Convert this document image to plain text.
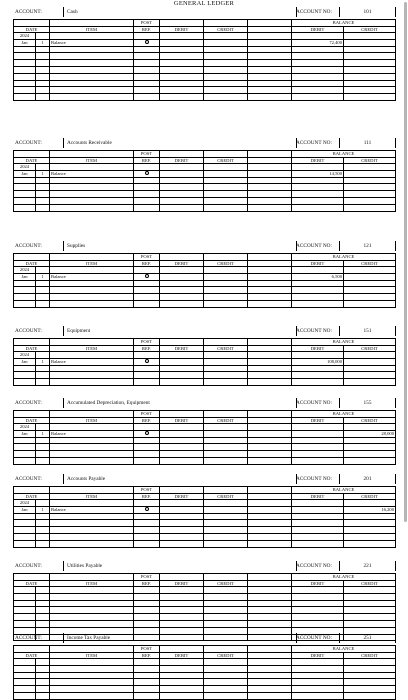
GENERAL LEDGER
ACCOUNT:	Cash	ACCOUNT NO:	101
			POST				BALANCE	
DATE		ITEM	REF.	DEBIT	CREDIT		DEBIT	CREDIT
2024								
Jan	1	Balance					72,400	

ACCOUNT:	Accounts Receivable	ACCOUNT NO:	111
			POST				BALANCE	
DATE		ITEM	REF.	DEBIT	CREDIT		DEBIT	CREDIT
2024								
Jan	1	Balance					14,500	

ACCOUNT:	Supplies	ACCOUNT NO:	121
			POST				BALANCE	
DATE		ITEM	REF.	DEBIT	CREDIT		DEBIT	CREDIT
2024								
Jan	1	Balance					6,500	

ACCOUNT:	Equipment	ACCOUNT NO:	151
			POST				BALANCE	
DATE		ITEM	REF.	DEBIT	CREDIT		DEBIT	CREDIT
2024								
Jan	1	Balance					108,000	

ACCOUNT:	Accumulated Depreciation, Equipment	ACCOUNT NO:	155
			POST				BALANCE	
DATE		ITEM	REF.	DEBIT	CREDIT		DEBIT	CREDIT
2024								
Jan	1	Balance						28,000

ACCOUNT:	Accounts Payable	ACCOUNT NO:	201
			POST				BALANCE	
DATE		ITEM	REF.	DEBIT	CREDIT		DEBIT	CREDIT
2024								
Jan	1	Balance						16,200

ACCOUNT:	Utilities Payable	ACCOUNT NO:	221
			POST				BALANCE	
DATE		ITEM	REF.	DEBIT	CREDIT		DEBIT	CREDIT

ACCOUNT:	Income Tax Payable	ACCOUNT NO:	251
			POST				BALANCE	
DATE		ITEM	REF.	DEBIT	CREDIT		DEBIT	CREDIT
